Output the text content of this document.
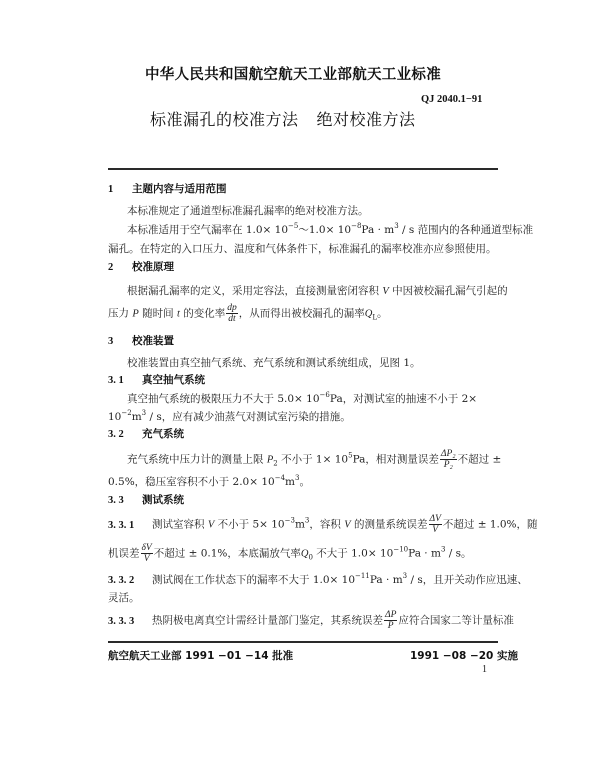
中华人民共和国航空航天工业部航天工业标准
QJ 2040.1−91
标准漏孔的校准方法 绝对校准方法
1 主题内容与适用范围
本标准规定了通道型标准漏孔漏率的绝对校准方法。
本标准适用于空气漏率在 $1.0\times 10^{-5}\sim 1.0\times 10^{-8}Pa \cdot m^3 / s$ 范围内的各种通道型标准
漏孔。在特定的入口压力、温度和气体条件下，标准漏孔的漏率校准亦应参照使用。
2 校准原理
根据漏孔漏率的定义，采用定容法，直接测量密闭容积 V 中因被校漏孔漏气引起的
压力 P 随时间 t 的变化率 $\frac{dp}{dt}$ ，从而得出被校漏孔的漏率$Q_L$。
3 校准装置
校准装置由真空抽气系统、充气系统和测试系统组成，见图 1。
3. 1 真空抽气系统
真空抽气系统的极限压力不大于 $5.0\times 10^{-6}Pa$，对测试室的抽速不小于 2×
$10^{-2}m^3$ / s，应有减少油蒸气对测试室污染的措施。
3. 2 充气系统
充气系统中压力计的测量上限 $P_2$ 不小于 $1\times 10^5Pa$，相对测量误差 $\frac{\text{ΔP₂}}{\text{P₂}}$ 不超过 ±
0.5%，稳压室容积不小于 $2.0\times 10^{-4}m^3$。
3. 3 测试系统
3. 3. 1 测试室容积 V 不小于 $5\times 10^{-3}m^3$，容积 V 的测量系统误差 $\frac{\Delta V}{V}$ 不超过 ± 1.0%，随
机误差 $\frac{\delta V}{V}$ 不超过 ± 0.1%，本底漏放气率$Q_0$ 不大于 $1.0\times 10^{-10}Pa \cdot m^3 / s$。
3. 3. 2 测试阀在工作状态下的漏率不大于 $1.0\times 10^{-11}Pa \cdot m^3 / s$，且开关动作应迅速、
灵活。
3. 3. 3 热阴极电离真空计需经计量部门鉴定，其系统误差 $\frac{\Delta P}{P}$ 应符合国家二等计量标准
航空航天工业部 1991 −01 −14 批准	1991 −08 −20 实施
1
